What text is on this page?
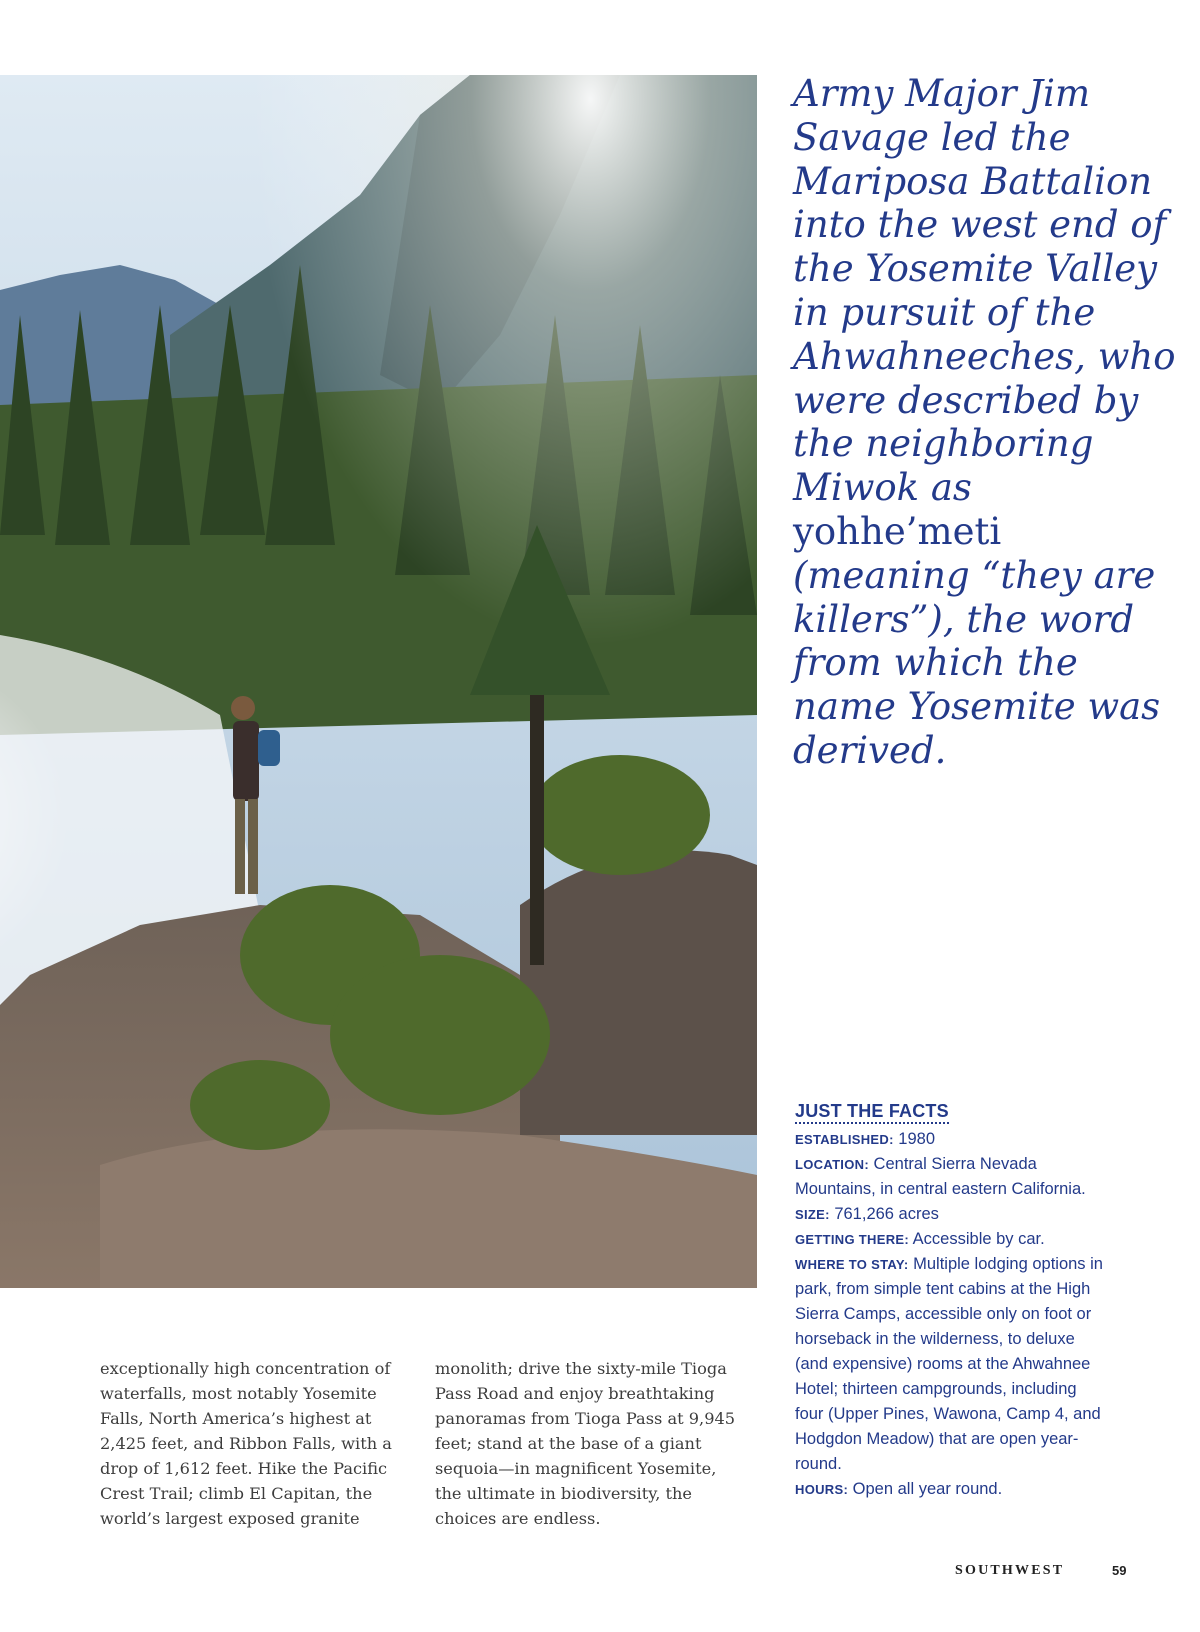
Army Major Jim Savage led the Mariposa Battalion into the west end of the Yosemite Valley in pursuit of the Ahwahneeches, who were described by the neighboring Miwok as yohhe’meti (meaning “they are killers”), the word from which the name Yosemite was derived.

JUST THE FACTS

ESTABLISHED: 1980

LOCATION: Central Sierra Nevada Mountains, in central eastern California.

SIZE: 761,266 acres

GETTING THERE: Accessible by car.

WHERE TO STAY: Multiple lodging options in park, from simple tent cabins at the High Sierra Camps, accessible only on foot or horseback in the wilderness, to deluxe (and expensive) rooms at the Ahwahnee Hotel; thirteen campgrounds, including four (Upper Pines, Wawona, Camp 4, and Hodgdon Meadow) that are open year-round.

HOURS: Open all year round.

exceptionally high concentration of waterfalls, most notably Yosemite Falls, North America’s highest at 2,425 feet, and Ribbon Falls, with a drop of 1,612 feet. Hike the Pacific Crest Trail; climb El Capitan, the world’s largest exposed granite

monolith; drive the sixty-mile Tioga Pass Road and enjoy breathtaking panoramas from Tioga Pass at 9,945 feet; stand at the base of a giant sequoia—in magnificent Yosemite, the ultimate in biodiversity, the choices are endless.

SOUTHWEST	59
